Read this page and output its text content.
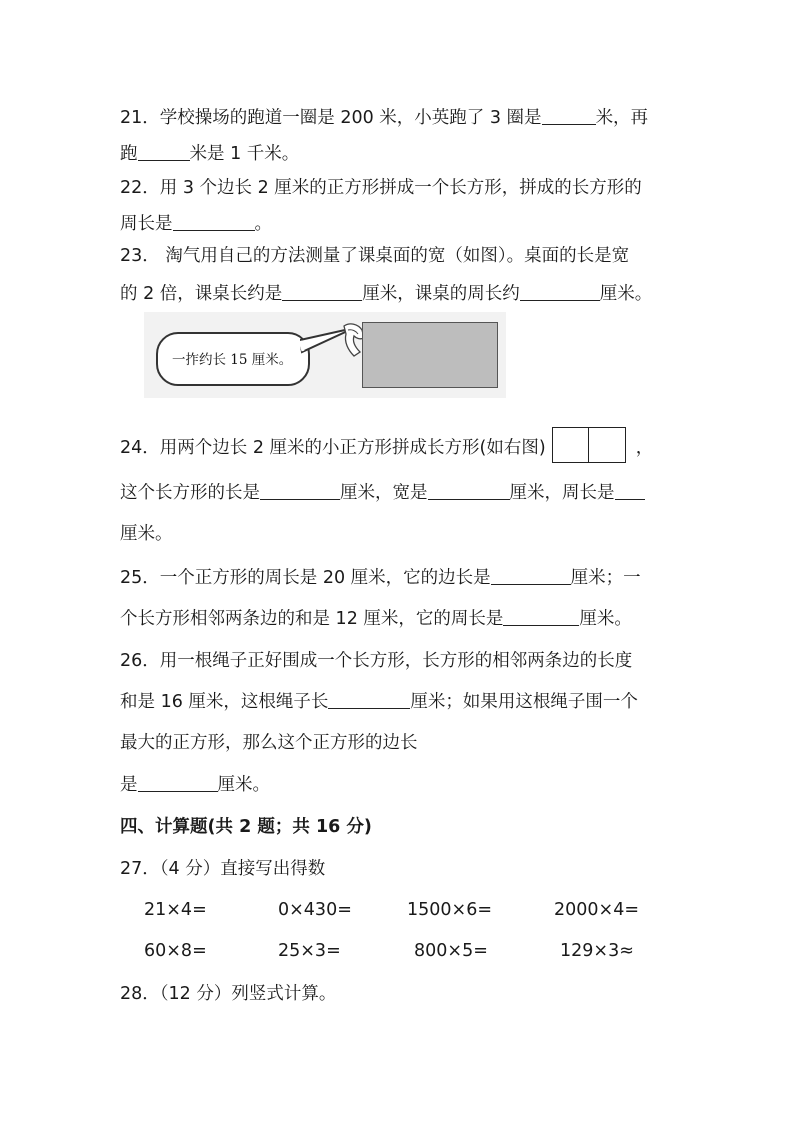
21．学校操场的跑道一圈是 200 米，小英跑了 3 圈是	米，再
跑	米是 1 千米。
22．用 3 个边长 2 厘米的正方形拼成一个长方形，拼成的长方形的
周长是	。
23． 淘气用自己的方法测量了课桌面的宽（如图）。桌面的长是宽
的 2 倍，课桌长约是	厘米，课桌的周长约	厘米。
24．用两个边长 2 厘米的小正方形拼成长方形(如右图)	，
这个长方形的长是	厘米，宽是	厘米，周长是
厘米。
25．一个正方形的周长是 20 厘米，它的边长是	厘米；一
个长方形相邻两条边的和是 12 厘米，它的周长是	厘米。
26．用一根绳子正好围成一个长方形，长方形的相邻两条边的长度
和是 16 厘米，这根绳子长	厘米；如果用这根绳子围一个
最大的正方形，那么这个正方形的边长
是	厘米。
四、计算题(共 2 题；共 16 分)
27．（4 分）直接写出得数
21×4=	0×430=	1500×6=	2000×4=
60×8=	25×3=	800×5=	129×3≈
28．（12 分）列竖式计算。
一拃约长 15 厘米。
